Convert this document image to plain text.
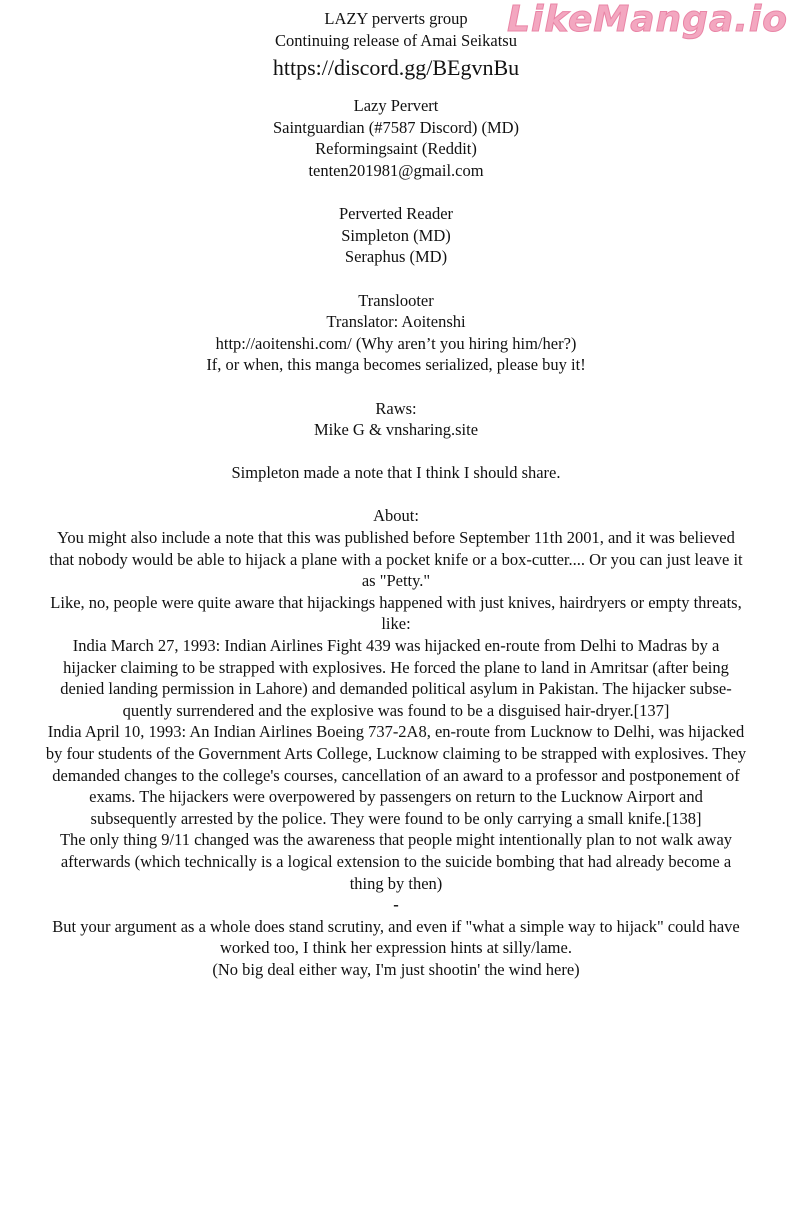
LikeManga.io
LAZY perverts group
Continuing release of Amai Seikatsu
https://discord.gg/BEgvnBu
Lazy Pervert
Saintguardian (#7587 Discord) (MD)
Reformingsaint (Reddit)
tenten201981@gmail.com
Perverted Reader
Simpleton (MD)
Seraphus (MD)
Translooter
Translator: Aoitenshi
http://aoitenshi.com/ (Why aren’t you hiring him/her?)
If, or when, this manga becomes serialized, please buy it!
Raws:
Mike G & vnsharing.site
Simpleton made a note that I think I should share.
About:
You might also include a note that this was published before September 11th 2001, and it was believed
that nobody would be able to hijack a plane with a pocket knife or a box-cutter.... Or you can just leave it
as "Petty."
Like, no, people were quite aware that hijackings happened with just knives, hairdryers or empty threats,
like:
India March 27, 1993: Indian Airlines Fight 439 was hijacked en-route from Delhi to Madras by a
hijacker claiming to be strapped with explosives. He forced the plane to land in Amritsar (after being
denied landing permission in Lahore) and demanded political asylum in Pakistan. The hijacker subse-
quently surrendered and the explosive was found to be a disguised hair-dryer.[137]
India April 10, 1993: An Indian Airlines Boeing 737-2A8, en-route from Lucknow to Delhi, was hijacked
by four students of the Government Arts College, Lucknow claiming to be strapped with explosives. They
demanded changes to the college's courses, cancellation of an award to a professor and postponement of
exams. The hijackers were overpowered by passengers on return to the Lucknow Airport and
subsequently arrested by the police. They were found to be only carrying a small knife.[138]
The only thing 9/11 changed was the awareness that people might intentionally plan to not walk away
afterwards (which technically is a logical extension to the suicide bombing that had already become a
thing by then)
-
But your argument as a whole does stand scrutiny, and even if "what a simple way to hijack" could have
worked too, I think her expression hints at silly/lame.
(No big deal either way, I'm just shootin' the wind here)
